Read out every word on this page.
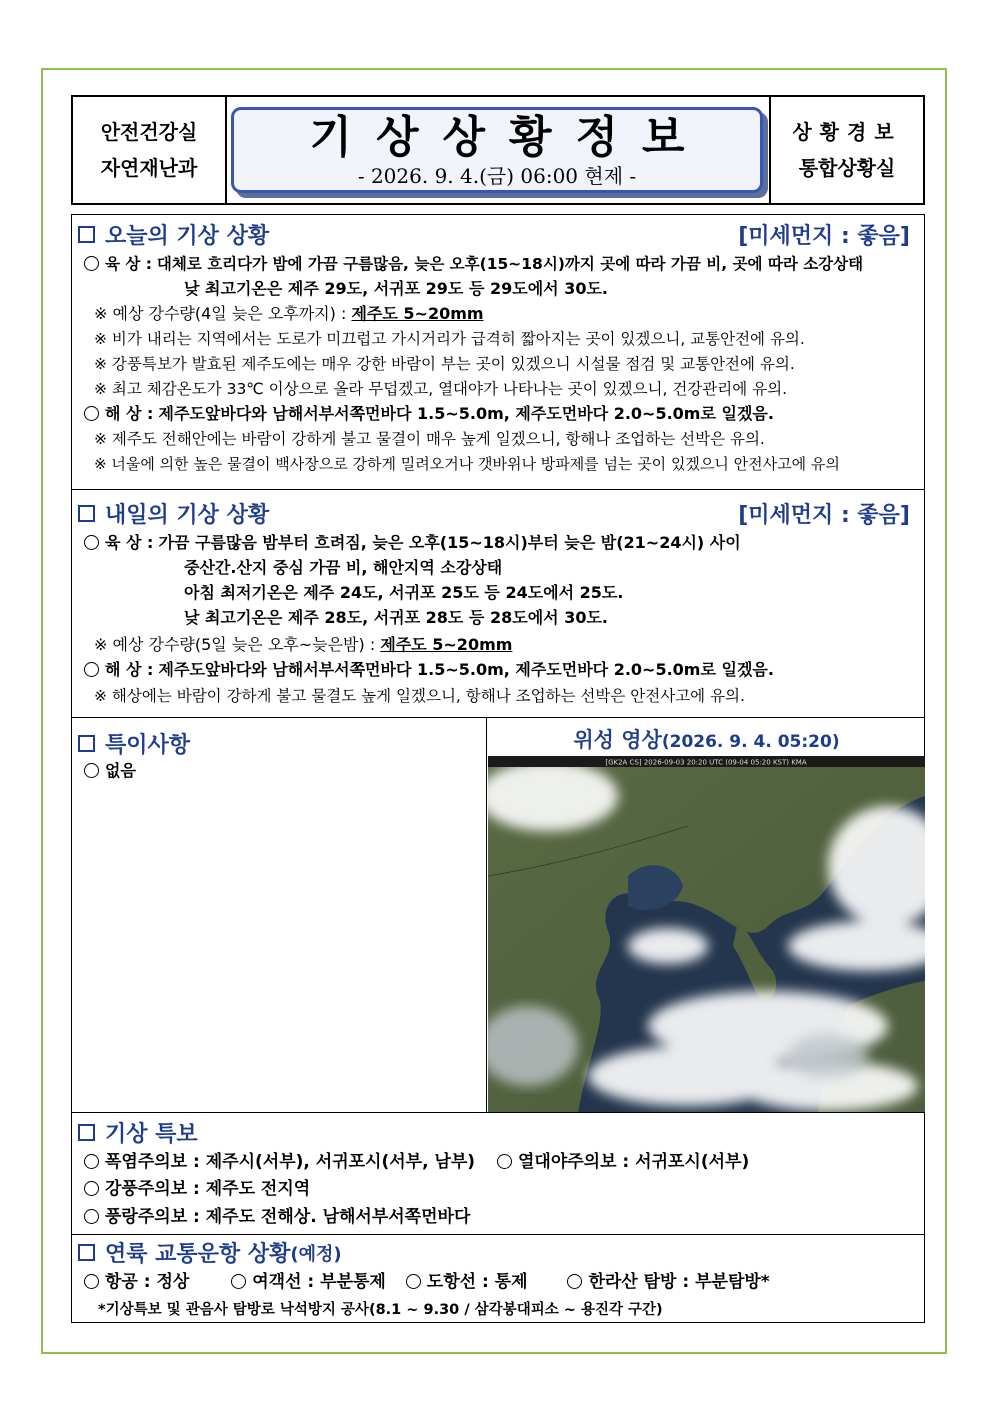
안전건강실
자연재난과
기상상황정보
- 2026. 9. 4.(금) 06:00 현제 -
상황경보
통합상황실
오늘의 기상 상황	[미세먼지 : 좋음]
육 상 : 대체로 흐리다가 밤에 가끔 구름많음, 늦은 오후(15~18시)까지 곳에 따라 가끔 비, 곳에 따라 소강상태
낮 최고기온은 제주 29도, 서귀포 29도 등 29도에서 30도.
※ 예상 강수량(4일 늦은 오후까지) : 제주도 5~20mm
※ 비가 내리는 지역에서는 도로가 미끄럽고 가시거리가 급격히 짧아지는 곳이 있겠으니, 교통안전에 유의.
※ 강풍특보가 발효된 제주도에는 매우 강한 바람이 부는 곳이 있겠으니 시설물 점검 및 교통안전에 유의.
※ 최고 체감온도가 33℃ 이상으로 올라 무덥겠고, 열대야가 나타나는 곳이 있겠으니, 건강관리에 유의.
해 상 : 제주도앞바다와 남해서부서쪽먼바다 1.5~5.0m, 제주도먼바다 2.0~5.0m로 일겠음.
※ 제주도 전해안에는 바람이 강하게 불고 물결이 매우 높게 일겠으니, 항해나 조업하는 선박은 유의.
※ 너울에 의한 높은 물결이 백사장으로 강하게 밀려오거나 갯바위나 방파제를 넘는 곳이 있겠으니 안전사고에 유의
내일의 기상 상황	[미세먼지 : 좋음]
육 상 : 가끔 구름많음 밤부터 흐려짐, 늦은 오후(15~18시)부터 늦은 밤(21~24시) 사이
중산간.산지 중심 가끔 비, 해안지역 소강상태
아침 최저기온은 제주 24도, 서귀포 25도 등 24도에서 25도.
낮 최고기온은 제주 28도, 서귀포 28도 등 28도에서 30도.
※ 예상 강수량(5일 늦은 오후~늦은밤) : 제주도 5~20mm
해 상 : 제주도앞바다와 남해서부서쪽먼바다 1.5~5.0m, 제주도먼바다 2.0~5.0m로 일겠음.
※ 해상에는 바람이 강하게 불고 물결도 높게 일겠으니, 항해나 조업하는 선박은 안전사고에 유의.
특이사항
없음
위성 영상(2026. 9. 4. 05:20)
[GK2A CS] 2026-09-03 20:20 UTC (09-04 05:20 KST) KMA
기상 특보
폭염주의보 : 제주시(서부), 서귀포시(서부, 남부)	열대야주의보 : 서귀포시(서부)
강풍주의보 : 제주도 전지역
풍랑주의보 : 제주도 전해상. 남해서부서쪽먼바다
연륙 교통운항 상황 (예정)
항공 : 정상	여객선 : 부분통제 도항선 : 통제	한라산 탐방 : 부분탐방*
*기상특보 및 관음사 탐방로 낙석방지 공사(8.1 ~ 9.30 / 삼각봉대피소 ~ 용진각 구간)
